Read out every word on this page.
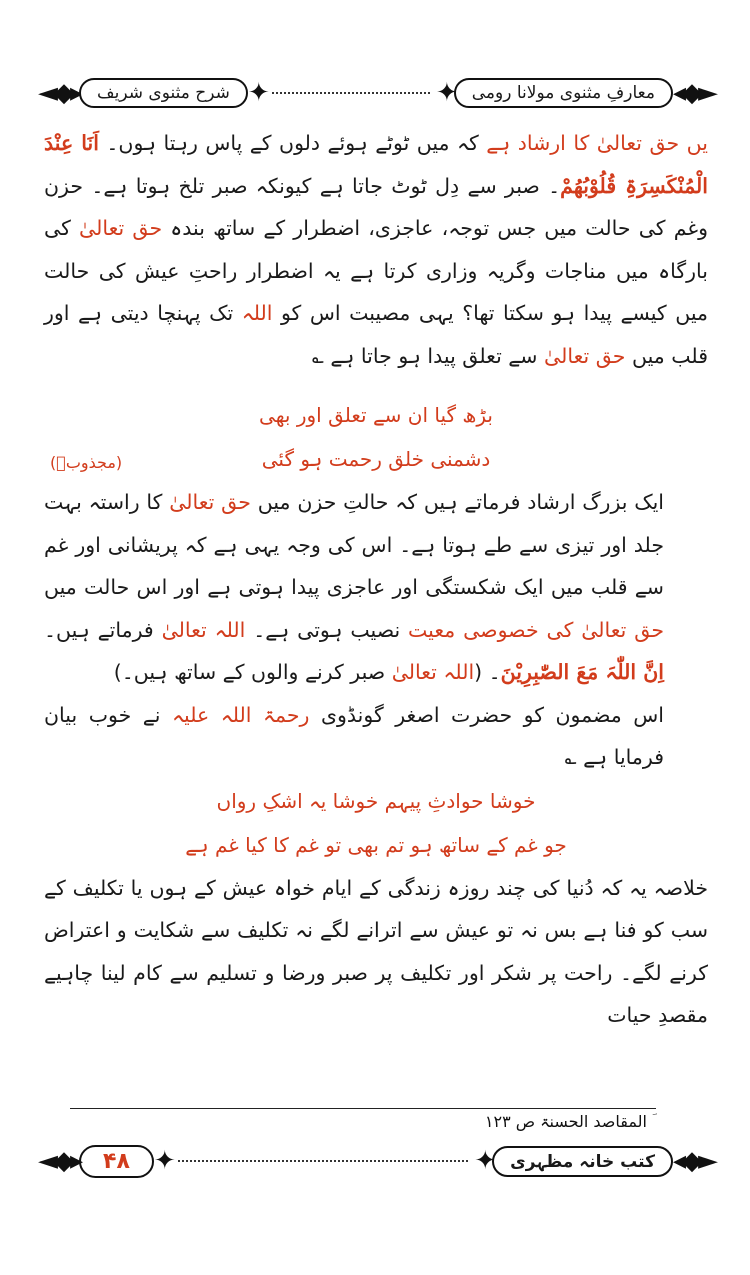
◄◆▸	شرح مثنوی شریف ✦	✦	معارفِ مثنوی مولانا رومی ◂◆►

یں حق تعالیٰ کا ارشاد ہے کہ میں ٹوٹے ہوئے دلوں کے پاس رہتا ہوں۔ اَنَا عِنْدَ الْمُنْکَسِرَۃِ قُلُوْبُھُمْ۔ صبر سے دِل ٹوٹ جاتا ہے کیونکہ صبر تلخ ہوتا ہے۔ حزن وغم کی حالت میں جس توجہ، عاجزی، اضطرار کے ساتھ بندہ حق تعالیٰ کی بارگاہ میں مناجات وگریہ وزاری کرتا ہے یہ اضطرار راحتِ عیش کی حالت میں کیسے پیدا ہو سکتا تھا؟ یہی مصیبت اس کو اللہ تک پہنچا دیتی ہے اور قلب میں حق تعالیٰ سے تعلق پیدا ہو جاتا ہے ؎

بڑھ گیا ان سے تعلق اور بھی
دشمنی خلق رحمت ہو گئی
(مجذوبؒ)

ایک بزرگ ارشاد فرماتے ہیں کہ حالتِ حزن میں حق تعالیٰ کا راستہ بہت جلد اور تیزی سے طے ہوتا ہے۔ اس کی وجہ یہی ہے کہ پریشانی اور غم سے قلب میں ایک شکستگی اور عاجزی پیدا ہوتی ہے اور اس حالت میں حق تعالیٰ کی خصوصی معیت نصیب ہوتی ہے۔ اللہ تعالیٰ فرماتے ہیں۔ اِنَّ اللّٰہَ مَعَ الصّٰبِرِیْنَ۔ (اللہ تعالیٰ صبر کرنے والوں کے ساتھ ہیں۔)

اس مضمون کو حضرت اصغر گونڈوی رحمۃ اللہ علیہ نے خوب بیان فرمایا ہے ؎

خوشا حوادثِ پیہم خوشا یہ اشکِ رواں
جو غم کے ساتھ ہو تم بھی تو غم کا کیا غم ہے

خلاصہ یہ کہ دُنیا کی چند روزہ زندگی کے ایام خواہ عیش کے ہوں یا تکلیف کے سب کو فنا ہے بس نہ تو عیش سے اترانے لگے نہ تکلیف سے شکایت و اعتراض کرنے لگے۔ راحت پر شکر اور تکلیف پر صبر ورضا و تسلیم سے کام لینا چاہیے مقصدِ حیات

ؔ المقاصد الحسنۃ ص ۱۲۳
◄◆▸	۴۸ ✦	✦	کتب خانہ مظہری ◂◆►
